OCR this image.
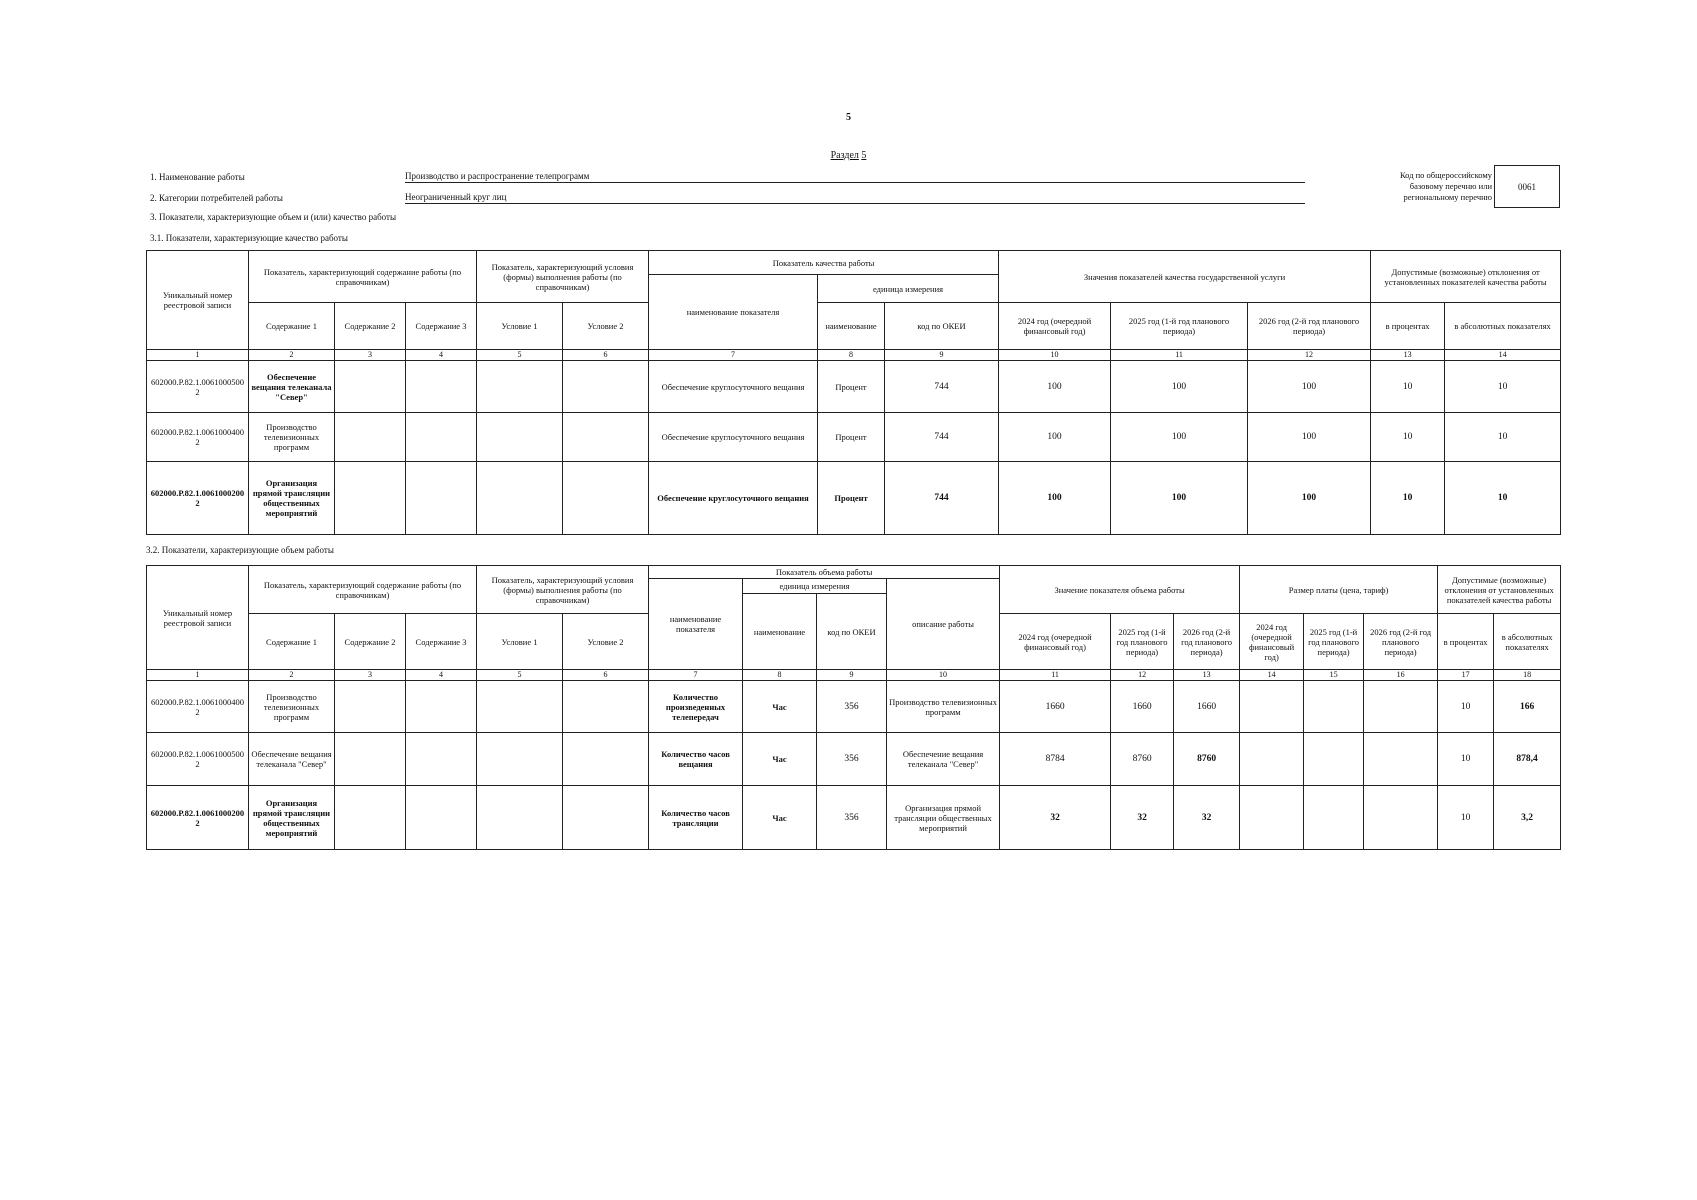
5
Раздел 5
1. Наименование работы	Производство и распространение телепрограмм
2. Категории потребителей работы	Неограниченный круг лиц
3. Показатели, характеризующие объем и (или) качество работы
Код по общероссийскому
базовому перечню или
региональному перечню
0061
3.1. Показатели, характеризующие качество работы
Уникальный номер реестровой записи	Показатель, характеризующий содержание работы (по справочникам)			Показатель, характеризующий условия (формы) выполнения работы (по справочникам)		Показатель качества работы			Значения показателей качества государственной услуги			Допустимые (возможные) отклонения от установленных показателей качества работы	
						наименование показателя	единица измерения						
	Содержание 1	Содержание 2	Содержание 3	Условие 1	Условие 2		наименование	код по ОКЕИ	2024 год (очередной финансовый год)	2025 год (1-й год планового периода)	2026 год (2-й год планового периода)	в процентах	в абсолютных показателях
1	2	3	4	5	6	7	8	9	10	11	12	13	14
602000.Р.82.1.00610005002	Обеспечение вещания телеканала "Север"					Обеспечение круглосуточного вещания	Процент	744	100	100	100	10	10
602000.Р.82.1.00610004002	Производство телевизионных программ					Обеспечение круглосуточного вещания	Процент	744	100	100	100	10	10
602000.Р.82.1.00610002002	Организация прямой трансляции общественных мероприятий					Обеспечение круглосуточного вещания	Процент	744	100	100	100	10	10
3.2. Показатели, характеризующие объем работы
Уникальный номер реестровой записи	Показатель, характеризующий содержание работы (по справочникам)			Показатель, характеризующий условия (формы) выполнения работы (по справочникам)		Показатель объема работы				Значение показателя объема работы			Размер платы (цена, тариф)			Допустимые (возможные) отклонения от установленных показателей качества работы	
						наименование показателя	единица измерения		описание работы								
							наименование	код по ОКЕИ									
	Содержание 1	Содержание 2	Содержание 3	Условие 1	Условие 2					2024 год (очередной финансовый год)	2025 год (1-й год планового периода)	2026 год (2-й год планового периода)	2024 год (очередной финансовый год)	2025 год (1-й год планового периода)	2026 год (2-й год планового периода)	в процентах	в абсолютных показателях
1	2	3	4	5	6	7	8	9	10	11	12	13	14	15	16	17	18
602000.Р.82.1.00610004002	Производство телевизионных программ					Количество произведенных телепередач	Час	356	Производство телевизионных программ	1660	1660	1660				10	166
602000.Р.82.1.00610005002	Обеспечение вещания телеканала "Север"					Количество часов вещания	Час	356	Обеспечение вещания телеканала "Север"	8784	8760	8760				10	878,4
602000.Р.82.1.00610002002	Организация прямой трансляции общественных мероприятий					Количество часов трансляции	Час	356	Организация прямой трансляции общественных мероприятий	32	32	32				10	3,2
